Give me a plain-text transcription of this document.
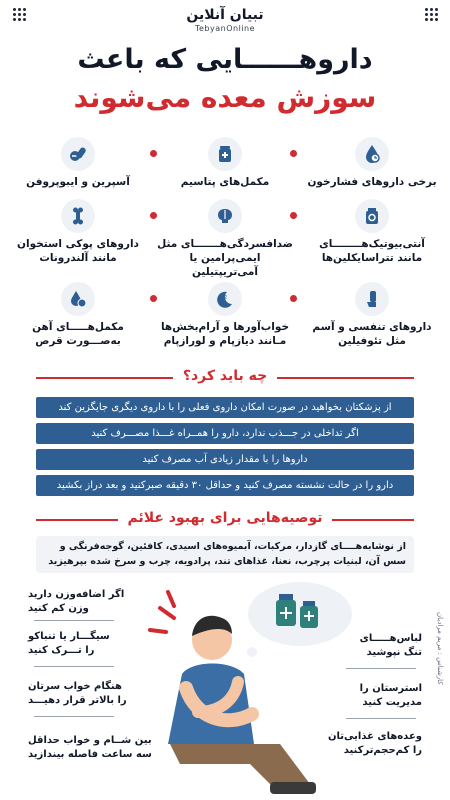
تبیان آنلاین
TebyanOnline
داروهــــــایی که باعث
سوزش معده می‌شوند
برخی داروهای فشارخون
مکمل‌های پتاسیم
آسپرین و ایبوپروفن
آنتی‌بیوتیک‌هــــــــای
مانند تتراسایکلین‌ها
ضدافسردگی‌هـــــــای مثل
ایمی‌پرامین یا آمی‌تریپتیلین
داروهای پوکی استخوان
مانند آلندرونات
داروهای تنفسی و آسم
مثل تئوفیلین
z
خواب‌آورها و آرام‌بخش‌ها
مـانند دیازپام و لورازپام
مکمل‌هـــــای آهن
به‌صـــورت قرص
چه باید کرد؟
از پزشکتان بخواهید در صورت امکان داروی فعلی را با داروی دیگری جایگزین کند
اگر تداخلی در جـــذب ندارد، دارو را همــراه غـــذا مصـــرف کنید
داروها را با مقدار زیادی آب مصرف کنید
دارو را در حالت نشسته مصرف کنید و حداقل ۳۰ دقیقه صبرکنید و بعد دراز بکشید
توصیه‌هایی برای بهبود علائم
از نوشابه‌هــــای گازدار، مرکبات، آبمیوه‌های اسیدی، کافئین، گوجه‌فرنگی و سس آن، لبنیات پرچرب، نعنا، غذاهای تند، پرادویه، چرب و سرخ شده بپرهیزید
اگر اضافه‌وزن دارید
وزن کم کنید
سیگـــار یا تنباکو
را تـــرک کنید
هنگام خواب سرتان
را بالاتر قرار دهیـــد
بین شــام و خواب حداقل
سه ساعت فاصله بیندازید
لباس‌هـــــای
تنگ نپوشید
استرستان را
مدیریت کنید
وعده‌های غذایی‌تان
را کم‌حجم‌ترکنید
کارشناس : مریم مرادیان
